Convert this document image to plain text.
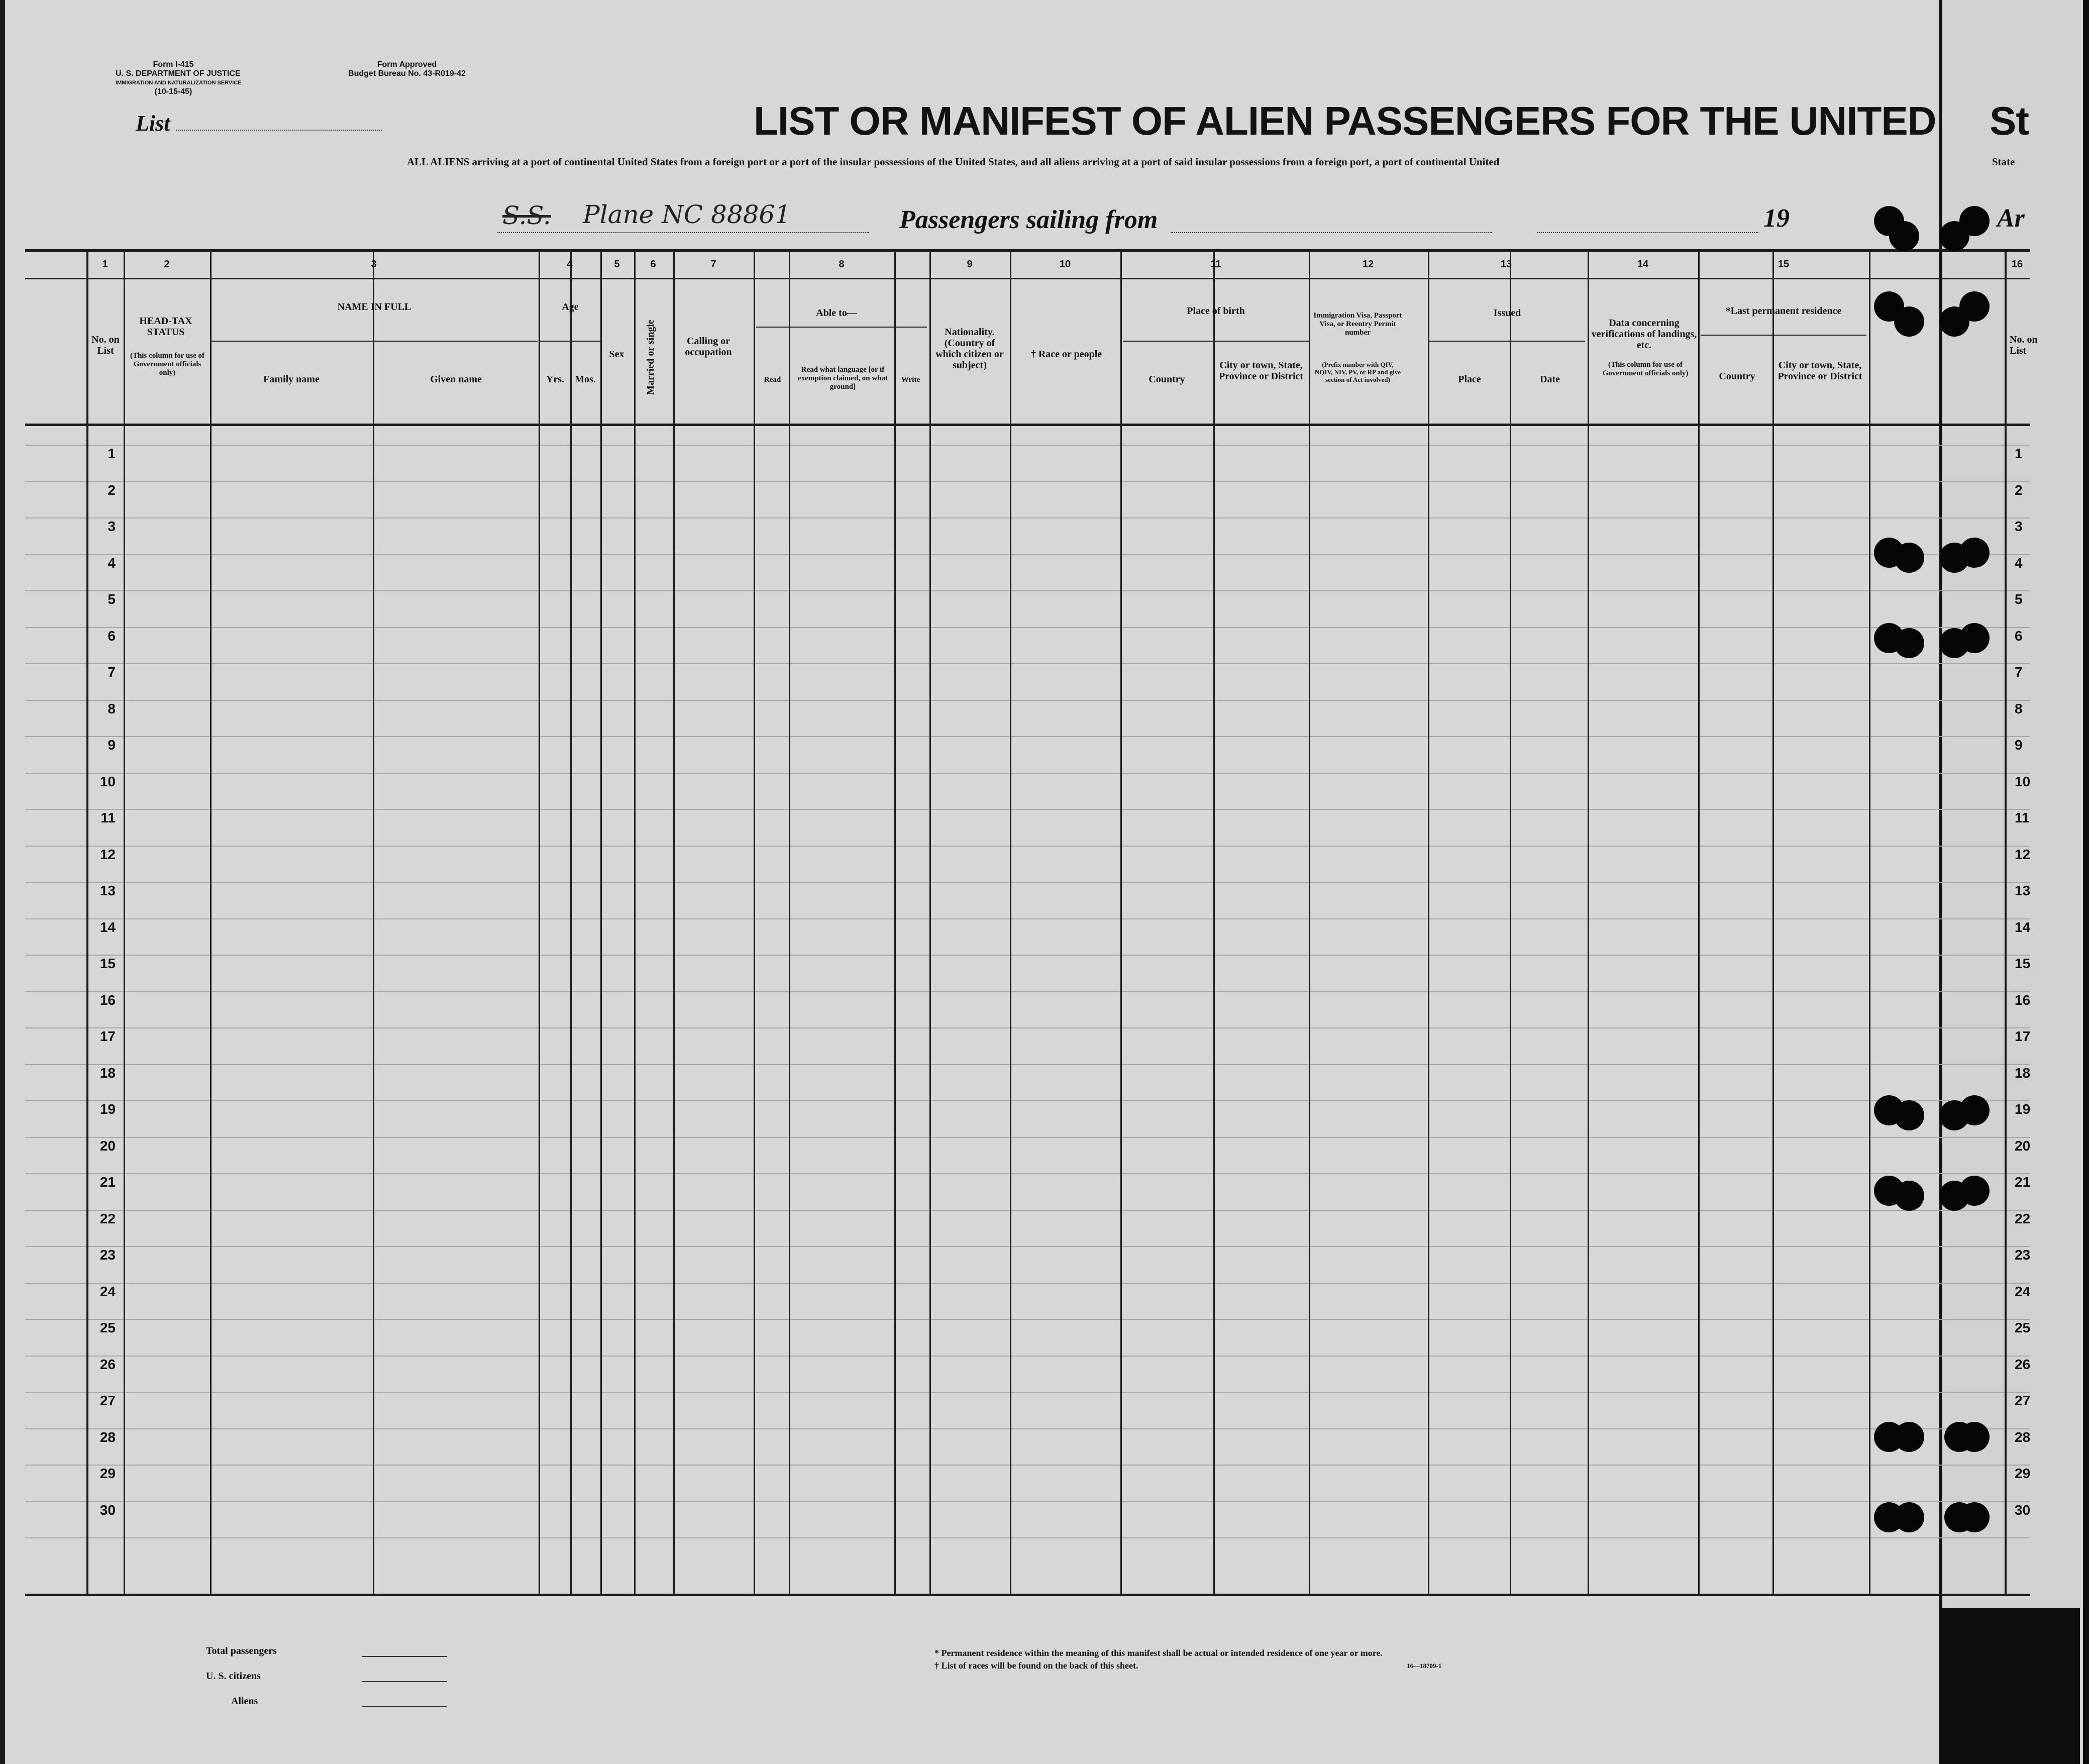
Form I-415
U. S. DEPARTMENT OF JUSTICE
IMMIGRATION AND NATURALIZATION SERVICE
(10-15-45)
Form Approved
Budget Bureau No. 43-R019-42
List	LIST OR MANIFEST OF ALIEN PASSENGERS FOR THE UNITED St
ALL ALIENS arriving at a port of continental United States from a foreign port or a port of the insular possessions of the United States, and all aliens arriving at a port of said insular possessions from a foreign port, a port of continental United	State
S.S. Plane NC 88861	Passengers sailing from	19	Ar
1	2	3	4	5	6	7	8	9	10	11	12	13	14	15	16
No. on List
HEAD-TAX STATUS
(This column for use of Government officials only)
NAME IN FULL
Family name	Given name
Age
Yrs.	Mos.
Sex	Married or single	Calling or occupation
Able to—
Read
Read what language [or if exemption claimed, on what ground]
Write
Nationality. (Country of which citizen or subject)
† Race or people
Place of birth
Country
City or town, State, Province or District
Immigration Visa, Passport Visa, or Reentry Permit number
(Prefix number with QIV, NQIV, NIV, PV, or RP and give section of Act involved)
Issued
Place	Date
Data concerning verifications of landings, etc.
(This column for use of Government officials only)
*Last permanent residence
Country
City or town, State, Province or District
No. on List
1	1
2	2
3	3
4	4
5	5
6	6
7	7
8	8
9	9
10	10
11	11
12	12
13	13
14	14
15	15
16	16
17	17
18	18
19	19
20	20
21	21
22	22
23	23
24	24
25	25
26	26
27	27
28	28
29	29
30	30
Total passengers
U. S. citizens
Aliens
* Permanent residence within the meaning of this manifest shall be actual or intended residence of one year or more.
† List of races will be found on the back of this sheet.	16—18709-1
